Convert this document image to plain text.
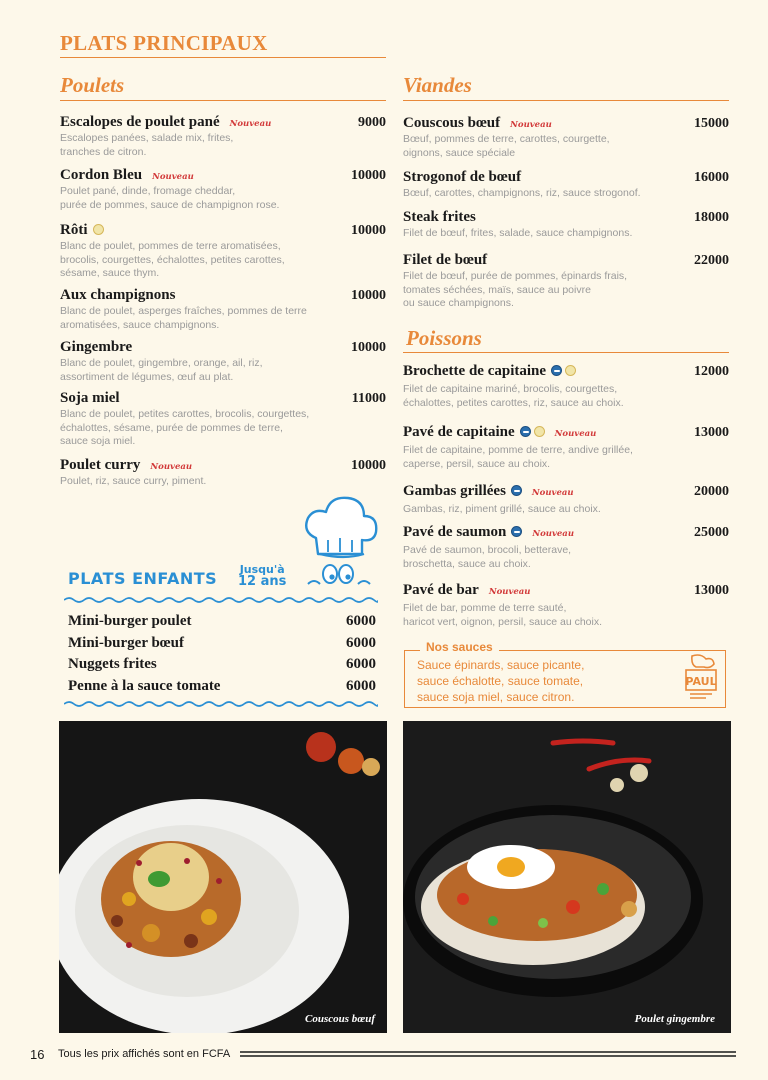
PLATS PRINCIPAUX
Poulets
Escalopes de poulet pané Nouveau	9000
Escalopes panées, salade mix, frites,
tranches de citron.
Cordon Bleu Nouveau	10000
Poulet pané, dinde, fromage cheddar,
purée de pommes, sauce de champignon rose.
Rôti	10000
Blanc de poulet, pommes de terre aromatisées,
brocolis, courgettes, échalottes, petites carottes,
sésame, sauce thym.
Aux champignons	10000
Blanc de poulet, asperges fraîches, pommes de terre
aromatisées, sauce champignons.
Gingembre	10000
Blanc de poulet, gingembre, orange, ail, riz,
assortiment de légumes, œuf au plat.
Soja miel	11000
Blanc de poulet, petites carottes, brocolis, courgettes,
échalottes, sésame, purée de pommes de terre,
sauce soja miel.
Poulet curry Nouveau	10000
Poulet, riz, sauce curry, piment.
Viandes
Couscous bœuf Nouveau	15000
Bœuf, pommes de terre, carottes, courgette,
oignons, sauce spéciale
Strogonof de bœuf	16000
Bœuf, carottes, champignons, riz, sauce strogonof.
Steak frites	18000
Filet de bœuf, frites, salade, sauce champignons.
Filet de bœuf	22000
Filet de bœuf, purée de pommes, épinards frais,
tomates séchées, maïs, sauce au poivre
ou sauce champignons.
Poissons
Brochette de capitaine	12000
Filet de capitaine mariné, brocolis, courgettes,
échalottes, petites carottes, riz, sauce au choix.
Pavé de capitaine	Nouveau	13000
Filet de capitaine, pomme de terre, andive grillée,
caperse, persil, sauce au choix.
Gambas grillées	Nouveau	20000
Gambas, riz, piment grillé, sauce au choix.
Pavé de saumon	Nouveau	25000
Pavé de saumon, brocoli, betterave,
broschetta, sauce au choix.
Pavé de bar Nouveau	13000
Filet de bar, pomme de terre sauté,
haricot vert, oignon, persil, sauce au choix.
Nos sauces
Sauce épinards, sauce picante,
sauce échalotte, sauce tomate,
sauce soja miel, sauce citron.
PAUL
PLATS ENFANTS Jusqu'à
12 ans
Mini-burger poulet	6000
Mini-burger bœuf	6000
Nuggets frites	6000
Penne à la sauce tomate	6000
Couscous bœuf	Poulet gingembre
16 Tous les prix affichés sont en FCFA
